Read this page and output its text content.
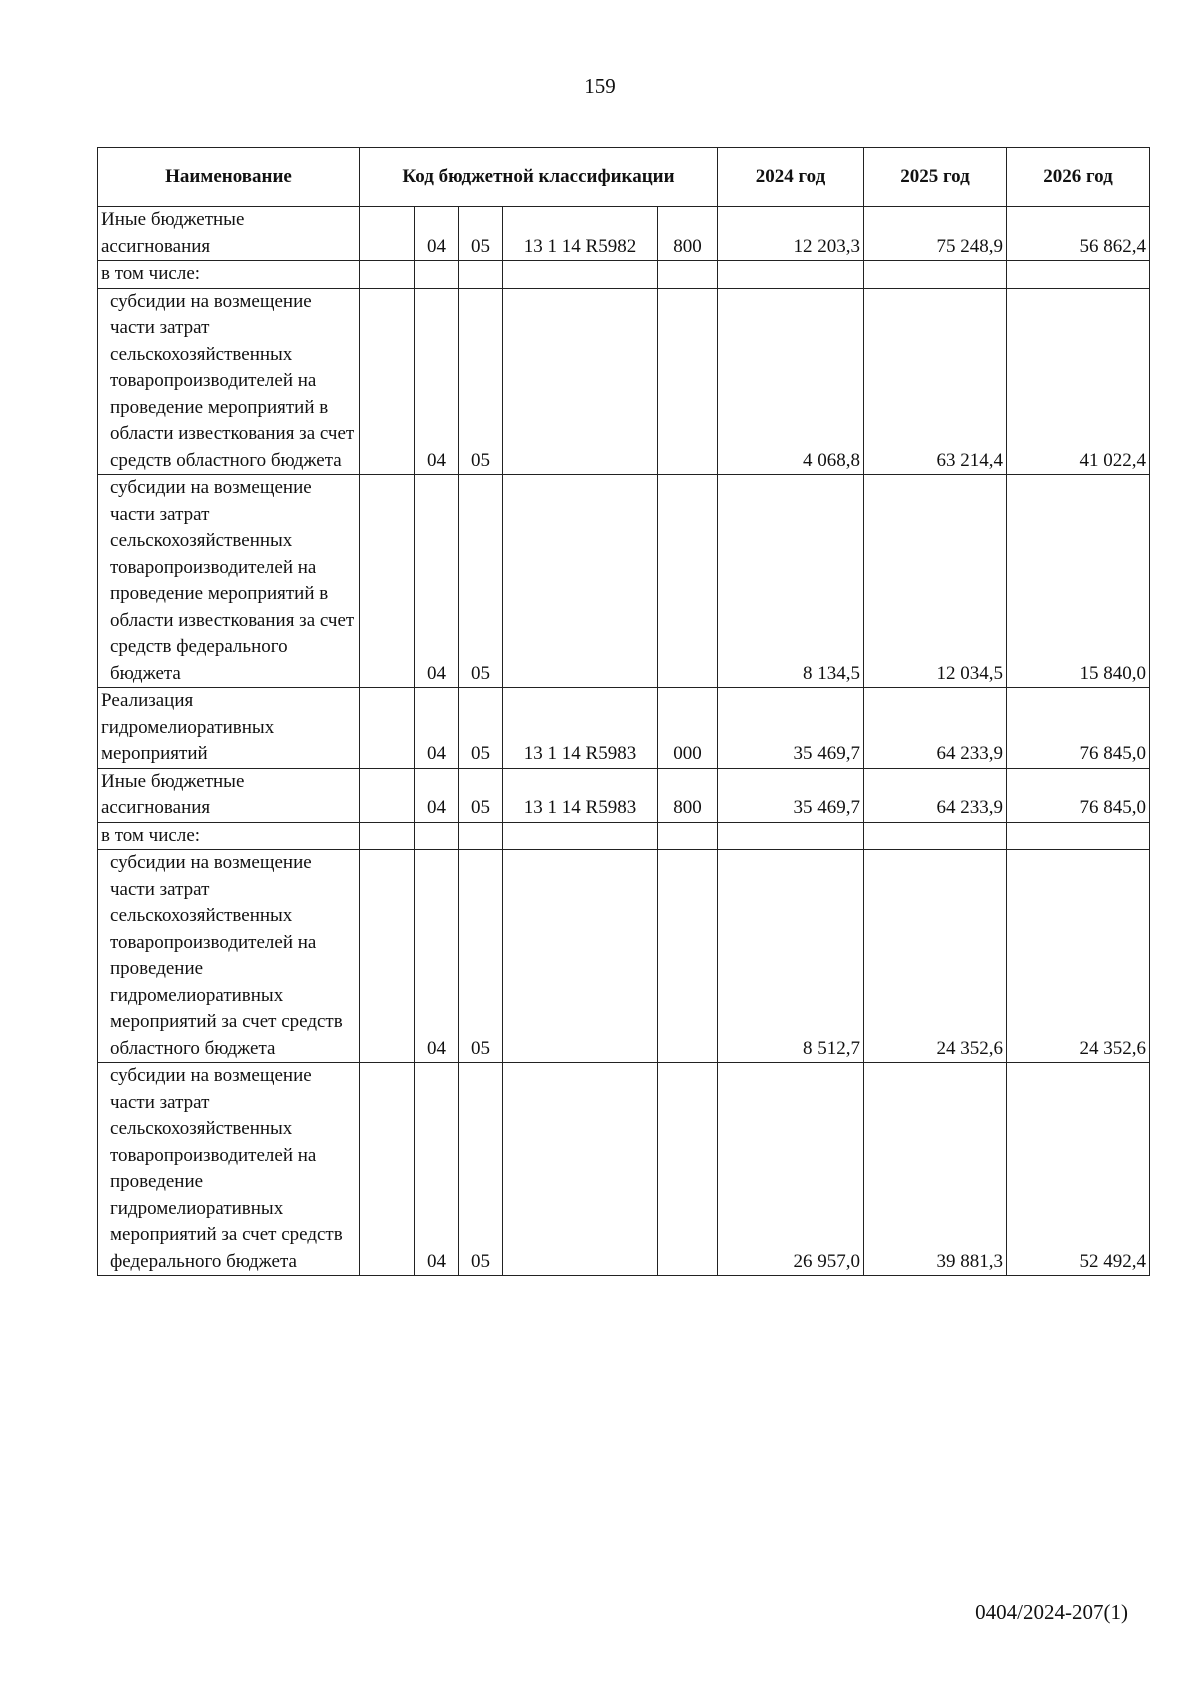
159
Наименование	Код бюджетной классификации					2024 год	2025 год	2026 год
Иные бюджетные ассигнования		04	05	13 1 14 R5982	800	12 203,3	75 248,9	56 862,4
в том числе:								
субсидии на возмещение части затрат сельскохозяйственных товаропроизводителей на проведение мероприятий в области известкования за счет средств областного бюджета		04	05			4 068,8	63 214,4	41 022,4
субсидии на возмещение части затрат сельскохозяйственных товаропроизводителей на проведение мероприятий в области известкования за счет средств федерального бюджета		04	05			8 134,5	12 034,5	15 840,0
Реализация гидромелиоративных мероприятий		04	05	13 1 14 R5983	000	35 469,7	64 233,9	76 845,0
Иные бюджетные ассигнования		04	05	13 1 14 R5983	800	35 469,7	64 233,9	76 845,0
в том числе:								
субсидии на возмещение части затрат сельскохозяйственных товаропроизводителей на проведение гидромелиоративных мероприятий за счет средств областного бюджета		04	05			8 512,7	24 352,6	24 352,6
субсидии на возмещение части затрат сельскохозяйственных товаропроизводителей на проведение гидромелиоративных мероприятий за счет средств федерального бюджета		04	05			26 957,0	39 881,3	52 492,4
0404/2024-207(1)
